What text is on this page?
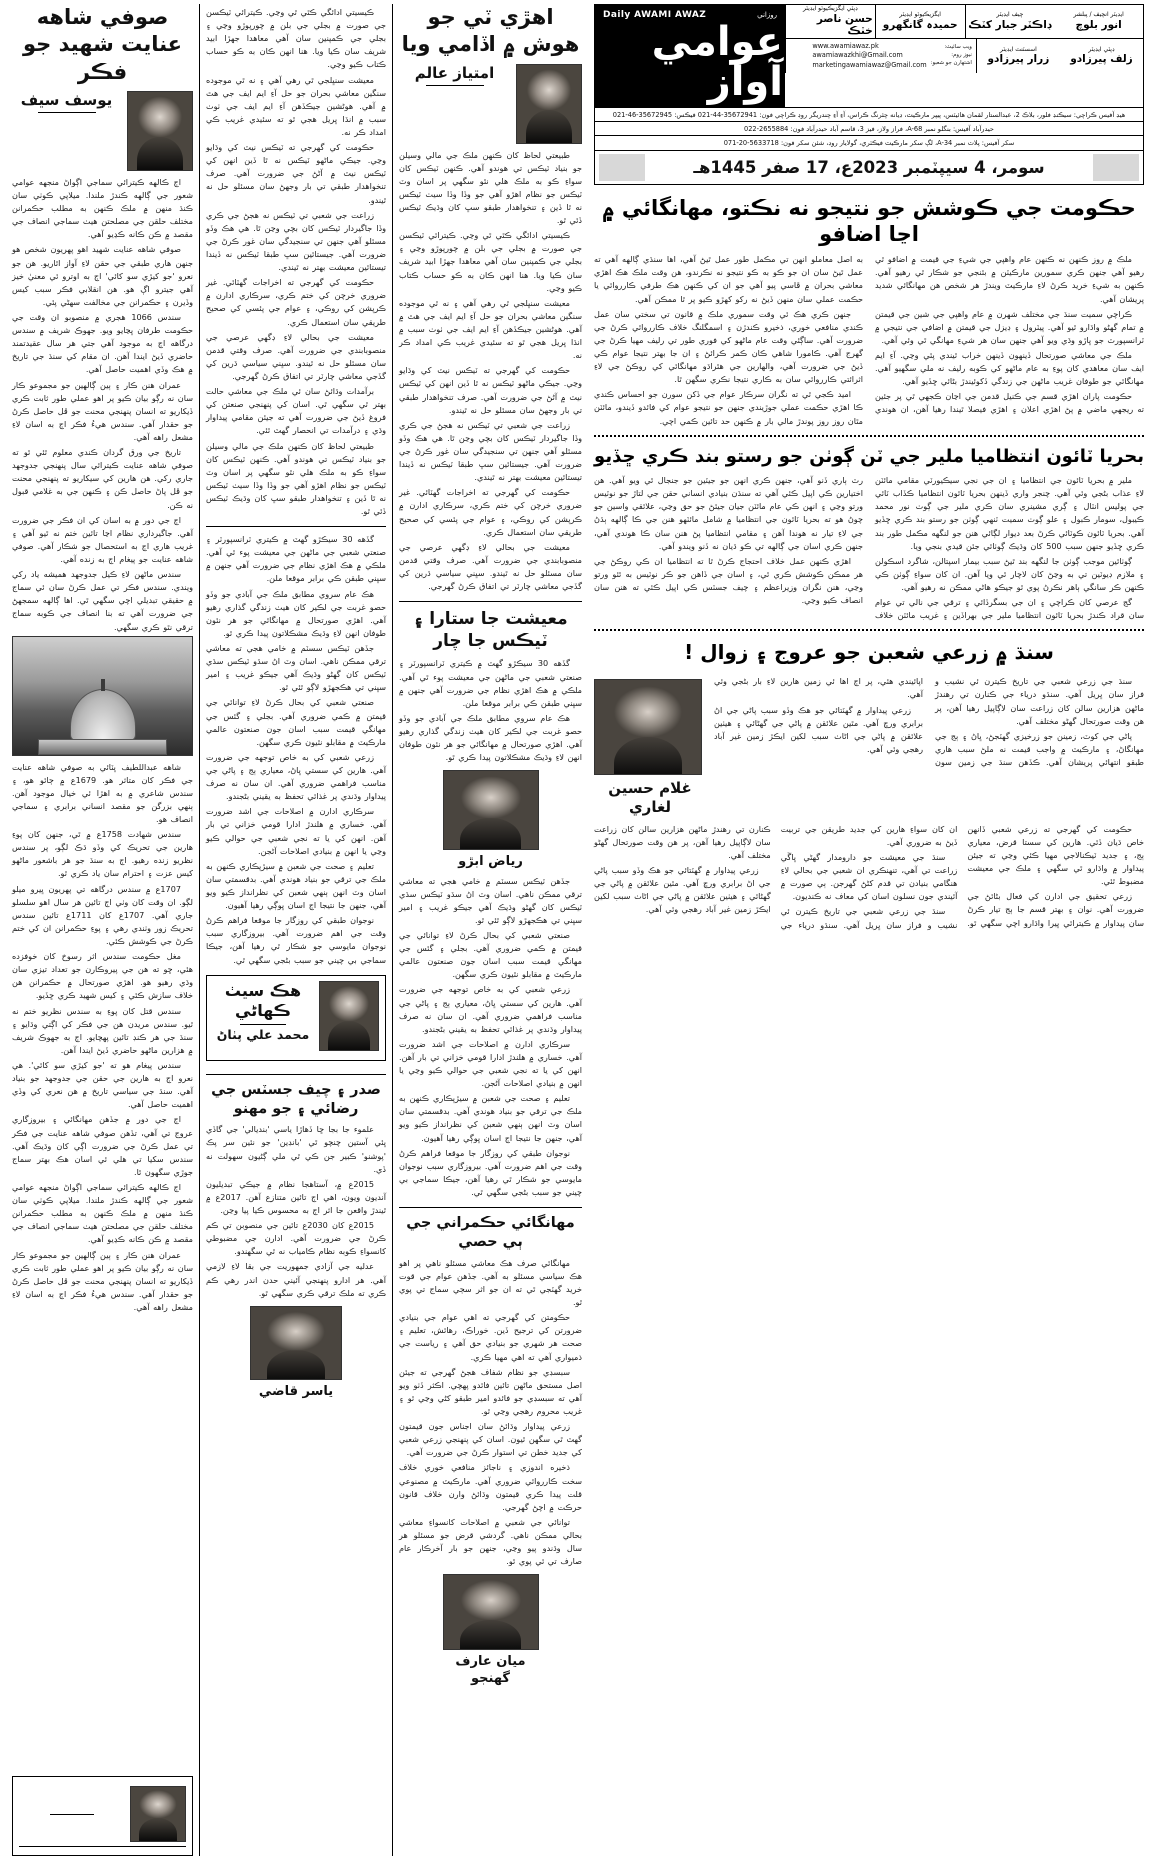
روزاني
Daily AWAMI AWAZ
عوامي آواز
ڊپٽي ايگزيڪيوٽو ايڊيٽر
حسن ناصر خٽڪ
ايگزيڪيوٽو ايڊيٽر
حميدہ گانگهرو
چيف ايڊيٽر
ڊاڪٽر جبار کٽڪ
ايڊيٽر انچيف / پبلشر
انور بلوچ
ويب سائيٽ:
نيوز روم:
اشتهارن جو شعبو:
www.awamiawaz.pk
awamiawazkhi@Gmail.com
marketingawamiawaz@Gmail.com
اسسٽنٽ ايڊيٽر
زرار پيرزادو
ڊپٽي ايڊيٽر
زلف پيرزادو
هيڊ آفيس ڪراچي: سيڪنڊ فلور، بلاڪ 2، عبدالستار لقمان هائيٽس، پيپر مارڪيٽ، ڊيانه چئرنگ ڪراس، آءِ آءِ چندريگر روڊ ڪراچي فون: 35672941-44-021 فيڪس: 35672945-46-021
حيدرآباد آفيس: بنگلو نمبر A-68، فراز ولاز، فيز 3، قاسم آباد حيدرآباد فون: 2655884-022
سکر آفيس: پلاٽ نمبر A-34، لڳ سکر مارڪيٽ فيڪٽري، گولايار روڊ، شئن سکر فون: 5633718-20-071
سومر، 4 سيپٽمبر 2023ع، 17 صفر 1445هـ
حڪومت جي ڪوشش جو نتيجو نه نڪتو، مهانگائي ۾ اڃا اضافو

ملڪ ۾ روز ڪنهن نه ڪنهن عام واهپي جي شيءِ جي قيمت ۾ اضافو ٿي رهيو آهي جنهن ڪري سمورين مارڪيٽن ۾ بئنجي جو شڪار ٿي رهيو آهي. ڪنهن به شيءِ خريد ڪرڻ لاءِ مارڪيٽ ويندڙ هر شخص هن مهانگائي شديد پريشان آهي.

ڪراچي سميت سنڌ جي مختلف شهرن ۾ عام واهپي جي شين جي قيمتن ۾ تمام گهڻو واڌارو ٿيو آهي. پيٽرول ۽ ڊيزل جي قيمتن ۾ اضافي جي نتيجي ۾ ٽرانسپورٽ جو ڀاڙو وڌي ويو آهي جنهن سان هر شيءِ مهانگي ٿي وئي آهي.

ملڪ جي معاشي صورتحال ڏينهون ڏينهن خراب ٿيندي پئي وڃي. آءِ ايم ايف سان معاهدي کان پوءِ به عام ماڻهو کي ڪوبه رليف نه ملي سگهيو آهي. مهانگائي جو طوفان غريب ماڻهن جي زندگي ڏکوئيندڙ بڻائي ڇڏيو آهي.

حڪومت پاران اهڙي قسم جي ڪنيل قدمن جي اڃان ڪجهي ٿي پر جئين ته ريجهي ماضي ۾ پڻ اهڙي اعلان ۽ اهڙي فيصلا ٿيندا رهيا آهن، ان هوندي به اصل معاملو انهن تي مڪمل طور عمل ٿيڻ آهي، اها سنڌي ڳالهه آهي ته عمل ٿيڻ سان ان جو ڪو به ڪو نتيجو نه نڪرندو، هن وقت ملڪ هڪ اهڙي معاشي بحران ۾ ڦاسي پيو آهي جو ان کي ڪنهن هڪ طرفي ڪارروائي يا حڪمت عملي سان منهن ڏيڻ نه رکو کهڙو ڪيو پر ٿا ممڪن آهي.

جنهن ڪري هڪ ئي وقت سموري ملڪ ۾ قانون تي سختي سان عمل ڪندي منافعي خوري، ذخيرو ڪندڙن ۽ اسمگلنگ خلاف ڪارروائي ڪرڻ جي ضرورت آهي. ساڳئي وقت عام ماڻهو کي فوري طور تي رليف مهيا ڪرڻ جي گهرج آهي. ڪامورا شاهي ڪان ڪمر ڪرائڻ ۽ ان جا بهتر نتيجا عوام ڪي ڏيڻ جي ضرورت آهي، والهارين جي هٿراڌو مهانگائي کي روڪڻ جي لاءِ اثرائتي ڪارروائي سان به ڪاري نتيجا نڪري سگهن ٿا.

اميد ڪجي ٿي ته نگران سرڪار عوام جي ڏکن سورن جو احساس ڪندي ڪا اهڙي حڪمت عملي جوڙيندي جنهن جو نتيجو عوام کي فائدو ڏيندو، مائٽن مٿان روز روز پوندڙ مالي بار ۾ ڪنهن حد تائين ڪمي اچي.

بحريا ٽائون انتظاميا ملير جي ٽن ڳوٺن جو رستو بند ڪري ڇڏيو

ملير ۾ بحريا ٽائون جي انتظاميا ۽ ان جي نجي سيڪيورٽي مقامي مائٽن لاءِ عذاب بڻجي وئي آهي. چنجر واري ڏينهن بحريا ٽائون انتظاميا ڪڏاب ٽائي جي پوليس انٽال ۽ ڳري مشينري سان ڪري ملير جي ڳوٺ نور محمد ڪيبول، سومار ڪبول ۽ علو ڳوٺ سميت ٽنهي ڳوٺن جو رستو بند ڪري ڇڏيو آهي. بحريا ٽائون ڪوٽائي ڪرڻ بعد ديوار لڳائي هنن جو لنگهه مڪمل طور بند ڪري ڇڏيو جنهن سبب 500 کان وڌيڪ ڳوٺائي جئن قيدي بنجي ويا.

ڳوٺائين موجب ڳوٺن جا لنگهه بند ٿيڻ سبب بيمار اسپتالن، شاگرد اسڪولن ۽ ملازم ڊيوٽين تي به وڃڻ کان لاچار ٿي ويا آهن. ان کان سواءِ ڳوٺن ڪي ڪنهن ڪر سانگي ٻاهر نڪرڻ پوي ٿو جيڪو هاڻي ممڪن نه رهيو آهي.

گج عرصي کان ڪراچي ۽ ان جي بسگرڏائي ۽ ترقي جي نالي تي عوام سان قراد ڪندڙ بحريا ٽائون انتظاميا ملير جي بهراڏين ۽ غريب مائٽن خلاف رٽ ٻاري ڏنو آهي، جنهن ڪري انهن جو جيٽين جو جنجال ٿي ويو آهي. هن اختيارين ڪي اپيل ڪئي آهي ته سنڌن بنيادي انساني حقن جي لتاڙ جو نوٽيس ورتو وڃي ۽ انهن ڪي عام مائٽن جيان جيئڻ جو حق وڃي، علائقي واسين جو چوڻ هو ته بحريا ٽائون جي انتظاميا ۾ شامل مائٽهو هنن جي ڪا ڳالهه ٻڌڻ جي لاءِ تيار نه هوندا آهن ۽ مقامي انتظاميا پڻ هنن سان ڪا هوندي آهي، جنهن ڪري اسان جي ڳالهه تي ڪو ڌيان نه ڏنو ويندو آهي.

اهڙي ڪنهن عمل خلاف احتجاج ڪرڻ ٿا ته انتظاميا ان ڪي روڪڻ جي هر ممڪن ڪوشش ڪري ٿي، ۽ اسان جي ڏاهن جو ڪر نوٽيس به ٿئو ورتو وڃي، هنن نگران وزيراعظم ۽ چيف جسٽس ڪي اپيل ڪئي ته هنن سان انصاف ڪيو وڃي.

سنڌ ۾ زرعي شعبن جو عروج ۽ زوال !

سنڌ جي زرعي شعبي جي تاريخ ڪيترن ئي نشيب و فراز سان ڀريل آهي. سنڌو درياء جي ڪنارن تي رهندڙ ماڻهن هزارين سالن کان زراعت سان لاڳاپيل رهيا آهن، پر هن وقت صورتحال گهڻو مختلف آهي.

پاڻي جي کوٽ، زمينن جو زرخيزي گهٽجڻ، ڀاڻ ۽ ٻج جي مهانگاڻ، ۽ مارڪيٽ ۾ واجب قيمت نه ملڻ سبب هاري طبقو انتهائي پريشان آهي. ڪڏهن سنڌ جي زمين سون اپائيندي هئي، پر اڄ اها ئي زمين هارين لاءِ بار بڻجي وئي آهي.

زرعي پيداوار ۾ گهٽتائي جو هڪ وڏو سبب پاڻي جي اڻ برابري ورڇ آهي. مٿين علائقن ۾ پاڻي جي گهڻائي ۽ هيٺين علائقن ۾ پاڻي جي اڻاٺ سبب لکين ايڪڙ زمين غير آباد رهجي وئي آهي.

غلام حسين لغاري

حڪومت کي گهرجي ته زرعي شعبي ڏانهن خاص ڌيان ڏئي. هارين کي سستا قرض، معياري ٻج، ۽ جديد ٽيڪنالاجي مهيا ڪئي وڃي ته جيئن پيداوار ۾ واڌارو ٿي سگهي ۽ ملڪ جي معيشت مضبوط ٿئي.

زرعي تحقيق جي ادارن کي فعال بڻائڻ جي ضرورت آهي. نوان ۽ بهتر قسم جا ٻج تيار ڪرڻ سان پيداوار ۾ ڪيترائي ڀيرا واڌارو اچي سگهي ٿو. ان کان سواءِ هارين کي جديد طريقن جي تربيت ڏيڻ به ضروري آهي.

سنڌ جي معيشت جو دارومدار گهڻي ڀاڱي زراعت تي آهي، تنهنڪري ان شعبي جي بحالي لاءِ هنگامي بنيادن تي قدم کڻڻ گهرجن. ٻي صورت ۾ آئيندي جون نسلون اسان کي معاف نه ڪنديون.

سنڌ جي زرعي شعبي جي تاريخ ڪيترن ئي نشيب و فراز سان ڀريل آهي. سنڌو درياء جي ڪنارن تي رهندڙ ماڻهن هزارين سالن کان زراعت سان لاڳاپيل رهيا آهن، پر هن وقت صورتحال گهڻو مختلف آهي.

زرعي پيداوار ۾ گهٽتائي جو هڪ وڏو سبب پاڻي جي اڻ برابري ورڇ آهي. مٿين علائقن ۾ پاڻي جي گهڻائي ۽ هيٺين علائقن ۾ پاڻي جي اڻاٺ سبب لکين ايڪڙ زمين غير آباد رهجي وئي آهي.

اهڙي ٽي جو هوش ۾ اڏامي ويا
امتياز عالم

طبيعتي لحاظ کان ڪنهن ملڪ جي مالي وسيلن جو بنياد ٽيڪس تي هوندو آهي. ڪنهن ٽيڪس کان سواءِ ڪو به ملڪ هلي نٿو سگهي پر اسان وٽ ٽيڪس جو نظام اهڙو آهي جو وڏا وڏا سيٺ ٽيڪس نه ٿا ڏين ۽ تنخواهدار طبقو سڀ کان وڌيڪ ٽيڪس ڏئي ٿو.

ڪيسيتي ادائگي ڪٿي ٿي وڃي. ڪيترائي ٽيڪسن جي صورت ۾ بجلي جي بلن ۾ چورپوڙو وڃي ۽ بجلي جي ڪمپنين سان آهي معاهدا جهڙا ابيد شريف سان ڪيا ويا. هنا انهن ڪان به ڪو حساب ڪتاب ڪيو وڃي.

معيشت سنڀلجي ٿي رهي آهي ۽ نه ٿي موجوده سنگين معاشي بحران جو حل آءِ ايم ايف جي هٿ ۾ آهي. هوڻشين جيڪڏهن آءِ ايم ايف جي ٺوٺ سبب ۾ انڌا ڀريل هجي ٿو ته سئيدي غريب ڪي امداد ڪر نه.

حڪومت کي گهرجي ته ٽيڪس نيٽ کي وڌايو وڃي. جيڪي ماڻهو ٽيڪس نه ٿا ڏين انهن کي ٽيڪس نيٽ ۾ آڻڻ جي ضرورت آهي. صرف تنخواهدار طبقي تي بار وجهڻ سان مسئلو حل نه ٿيندو.

زراعت جي شعبي تي ٽيڪس نه هجڻ جي ڪري وڏا جاگيردار ٽيڪس کان بچي وڃن ٿا. هي هڪ وڏو مسئلو آهي جنهن تي سنجيدگي سان غور ڪرڻ جي ضرورت آهي. جيستائين سڀ طبقا ٽيڪس نه ڏيندا تيستائين معيشت بهتر نه ٿيندي.

حڪومت کي گهرجي ته اخراجات گهٽائي. غير ضروري خرچن کي ختم ڪري، سرڪاري ادارن ۾ ڪرپشن کي روڪي، ۽ عوام جي پئسي کي صحيح طريقي سان استعمال ڪري.

معيشت جي بحالي لاءِ ڊگهي عرصي جي منصوبابندي جي ضرورت آهي. صرف وقتي قدمن سان مسئلو حل نه ٿيندو. سڀني سياسي ڌرين کي گڏجي معاشي چارٽر تي اتفاق ڪرڻ گهرجي.

معيشت جا ستارا ۽ ٽيڪس جا چار

گڏهه 30 سيڪڙو گهٽ ۾ ڪيتري ٽرانسپورٽر ۽ صنعتي شعبي جي ماڻهن جي معيشت پوء ٿي آهي. ملڪي ۾ هڪ اهڙي نظام جي ضرورت آهي جنهن ۾ سڀني طبقن ڪي برابر موقعا ملن.

هڪ عام سروي مطابق ملڪ جي آبادي جو وڏو حصو غربت جي لڪير کان هيٺ زندگي گذاري رهيو آهي. اهڙي صورتحال ۾ مهانگائي جو هر نئون طوفان انهن لاءِ وڌيڪ مشڪلاتون پيدا ڪري ٿو.

رياض ابڙو

جڏهن ٽيڪس سسٽم ۾ خامي هجي ته معاشي ترقي ممڪن ناهي. اسان وٽ اڻ سڌو ٽيڪس سڌي ٽيڪس کان گهڻو وڌيڪ آهي جيڪو غريب ۽ امير سڀني تي هڪجهڙو لاڳو ٿئي ٿو.

صنعتي شعبي کي بحال ڪرڻ لاءِ توانائي جي قيمتن ۾ ڪمي ضروري آهي. بجلي ۽ گئس جي مهانگي قيمت سبب اسان جون صنعتون عالمي مارڪيٽ ۾ مقابلو نٿيون ڪري سگهن.

زرعي شعبي کي به خاص توجهه جي ضرورت آهي. هارين کي سستي ڀاڻ، معياري ٻج ۽ پاڻي جي مناسب فراهمي ضروري آهي. ان سان نه صرف پيداوار وڌندي پر غذائي تحفظ به يقيني بڻجندو.

سرڪاري ادارن ۾ اصلاحات جي اشد ضرورت آهي. خساري ۾ هلندڙ ادارا قومي خزاني تي بار آهن. انهن کي يا ته نجي شعبي جي حوالي ڪيو وڃي يا انهن ۾ بنيادي اصلاحات آڻجن.

تعليم ۽ صحت جي شعبن ۾ سيڙپڪاري ڪنهن به ملڪ جي ترقي جو بنياد هوندي آهي. بدقسمتي سان اسان وٽ انهن ٻنهي شعبن کي نظرانداز ڪيو ويو آهي، جنهن جا نتيجا اڄ اسان ڀوڳي رهيا آهيون.

نوجوان طبقي کي روزگار جا موقعا فراهم ڪرڻ وقت جي اهم ضرورت آهي. بيروزگاري سبب نوجوان مايوسي جو شڪار ٿي رهيا آهن، جيڪا سماجي بي چيني جو سبب بڻجي سگهي ٿي.

مهانگائي حڪمراني جي ٻي حصي

مهانگائي صرف هڪ معاشي مسئلو ناهي پر اهو هڪ سياسي مسئلو به آهي. جڏهن عوام جي قوت خريد گهٽجي ٿي ته ان جو اثر سڄي سماج تي پوي ٿو.

حڪومتن کي گهرجي ته اهي عوام جي بنيادي ضرورتن کي ترجيح ڏين. خوراڪ، رهائش، تعليم ۽ صحت هر شهري جو بنيادي حق آهي ۽ رياست جي ذميواري آهي ته اهي مهيا ڪري.

سبسڊي جو نظام شفاف هجڻ گهرجي ته جيئن اصل مستحق ماڻهن تائين فائدو پهچي. اڪثر ڏٺو ويو آهي ته سبسڊي جو فائدو امير طبقو کڻي وڃي ٿو ۽ غريب محروم رهجي وڃي ٿو.

زرعي پيداوار وڌائڻ سان اجناس جون قيمتون گهٽ ٿي سگهن ٿيون. اسان کي پنهنجي زرعي شعبي کي جديد خطن تي استوار ڪرڻ جي ضرورت آهي.

ذخيره اندوزي ۽ ناجائز منافعي خوري خلاف سخت ڪارروائي ضروري آهي. مارڪيٽ ۾ مصنوعي قلت پيدا ڪري قيمتون وڌائڻ وارن خلاف قانون حرڪت ۾ اچڻ گهرجي.

توانائي جي شعبي ۾ اصلاحات کانسواءِ معاشي بحالي ممڪن ناهي. گردشي قرض جو مسئلو هر سال وڌندو پيو وڃي، جنهن جو بار آخرڪار عام صارف تي ئي پوي ٿو.

ميان عارف گهنجو

ڪيسيتي ادائگي ڪٿي ٿي وڃي. ڪيترائي ٽيڪسن جي صورت ۾ بجلي جي بلن ۾ چورپوڙو وڃي ۽ بجلي جي ڪمپنين سان آهي معاهدا جهڙا ابيد شريف سان ڪيا ويا. هنا انهن ڪان به ڪو حساب ڪتاب ڪيو وڃي.

معيشت سنڀلجي ٿي رهي آهي ۽ نه ٿي موجوده سنگين معاشي بحران جو حل آءِ ايم ايف جي هٿ ۾ آهي. هوڻشين جيڪڏهن آءِ ايم ايف جي ٺوٺ سبب ۾ انڌا ڀريل هجي ٿو ته سئيدي غريب ڪي امداد ڪر نه.

حڪومت کي گهرجي ته ٽيڪس نيٽ کي وڌايو وڃي. جيڪي ماڻهو ٽيڪس نه ٿا ڏين انهن کي ٽيڪس نيٽ ۾ آڻڻ جي ضرورت آهي. صرف تنخواهدار طبقي تي بار وجهڻ سان مسئلو حل نه ٿيندو.

زراعت جي شعبي تي ٽيڪس نه هجڻ جي ڪري وڏا جاگيردار ٽيڪس کان بچي وڃن ٿا. هي هڪ وڏو مسئلو آهي جنهن تي سنجيدگي سان غور ڪرڻ جي ضرورت آهي. جيستائين سڀ طبقا ٽيڪس نه ڏيندا تيستائين معيشت بهتر نه ٿيندي.

حڪومت کي گهرجي ته اخراجات گهٽائي. غير ضروري خرچن کي ختم ڪري، سرڪاري ادارن ۾ ڪرپشن کي روڪي، ۽ عوام جي پئسي کي صحيح طريقي سان استعمال ڪري.

معيشت جي بحالي لاءِ ڊگهي عرصي جي منصوبابندي جي ضرورت آهي. صرف وقتي قدمن سان مسئلو حل نه ٿيندو. سڀني سياسي ڌرين کي گڏجي معاشي چارٽر تي اتفاق ڪرڻ گهرجي.

برآمدات وڌائڻ سان ئي ملڪ جي معاشي حالت بهتر ٿي سگهي ٿي. اسان کي پنهنجي صنعتن کي فروغ ڏيڻ جي ضرورت آهي ته جيئن مقامي پيداوار وڌي ۽ درآمدات تي انحصار گهٽ ٿئي.

طبيعتي لحاظ کان ڪنهن ملڪ جي مالي وسيلن جو بنياد ٽيڪس تي هوندو آهي. ڪنهن ٽيڪس کان سواءِ ڪو به ملڪ هلي نٿو سگهي پر اسان وٽ ٽيڪس جو نظام اهڙو آهي جو وڏا وڏا سيٺ ٽيڪس نه ٿا ڏين ۽ تنخواهدار طبقو سڀ کان وڌيڪ ٽيڪس ڏئي ٿو.

گڏهه 30 سيڪڙو گهٽ ۾ ڪيتري ٽرانسپورٽر ۽ صنعتي شعبي جي ماڻهن جي معيشت پوء ٿي آهي. ملڪي ۾ هڪ اهڙي نظام جي ضرورت آهي جنهن ۾ سڀني طبقن ڪي برابر موقعا ملن.

هڪ عام سروي مطابق ملڪ جي آبادي جو وڏو حصو غربت جي لڪير کان هيٺ زندگي گذاري رهيو آهي. اهڙي صورتحال ۾ مهانگائي جو هر نئون طوفان انهن لاءِ وڌيڪ مشڪلاتون پيدا ڪري ٿو.

جڏهن ٽيڪس سسٽم ۾ خامي هجي ته معاشي ترقي ممڪن ناهي. اسان وٽ اڻ سڌو ٽيڪس سڌي ٽيڪس کان گهڻو وڌيڪ آهي جيڪو غريب ۽ امير سڀني تي هڪجهڙو لاڳو ٿئي ٿو.

صنعتي شعبي کي بحال ڪرڻ لاءِ توانائي جي قيمتن ۾ ڪمي ضروري آهي. بجلي ۽ گئس جي مهانگي قيمت سبب اسان جون صنعتون عالمي مارڪيٽ ۾ مقابلو نٿيون ڪري سگهن.

زرعي شعبي کي به خاص توجهه جي ضرورت آهي. هارين کي سستي ڀاڻ، معياري ٻج ۽ پاڻي جي مناسب فراهمي ضروري آهي. ان سان نه صرف پيداوار وڌندي پر غذائي تحفظ به يقيني بڻجندو.

سرڪاري ادارن ۾ اصلاحات جي اشد ضرورت آهي. خساري ۾ هلندڙ ادارا قومي خزاني تي بار آهن. انهن کي يا ته نجي شعبي جي حوالي ڪيو وڃي يا انهن ۾ بنيادي اصلاحات آڻجن.

تعليم ۽ صحت جي شعبن ۾ سيڙپڪاري ڪنهن به ملڪ جي ترقي جو بنياد هوندي آهي. بدقسمتي سان اسان وٽ انهن ٻنهي شعبن کي نظرانداز ڪيو ويو آهي، جنهن جا نتيجا اڄ اسان ڀوڳي رهيا آهيون.

نوجوان طبقي کي روزگار جا موقعا فراهم ڪرڻ وقت جي اهم ضرورت آهي. بيروزگاري سبب نوجوان مايوسي جو شڪار ٿي رهيا آهن، جيڪا سماجي بي چيني جو سبب بڻجي سگهي ٿي.

هڪ سيٺ ڪهاڻي
محمد علي پٺاڻ

صدر ۽ چيف جسٽس جي رضائي ۽ جو مهنو

علموء جا بجا ڇا ڏهاڙا ياسي 'بنديالي' جي گاڏي ڀئي آستين چنچو ٿي 'بانڊين' جو نئين سر پڪ 'پوشنو' ڪبير جن ڪي ٿي ملي ڳڻيون سهولت نه ڏي.

2015ع ۾، آستاهجا نظام ۾ جيڪي تبديليون آنديون ويون، اهي اڄ تائين متنازع آهن. 2017ع ۾ ٿيندڙ واقعن جا اثر اڄ به محسوس ڪيا پيا وڃن.

2015ع کان 2030ع تائين جي منصوبن تي ڪم ڪرڻ جي ضرورت آهي. ادارن جي مضبوطي کانسواءِ ڪوبه نظام ڪامياب نه ٿي سگهندو.

عدليه جي آزادي جمهوريت جي بقا لاءِ لازمي آهي. هر ادارو پنهنجي آئيني حدن اندر رهي ڪم ڪري ته ملڪ ترقي ڪري سگهي ٿو.

ياسر قاضي
صوفي شاهه عنايت شهيد جو فڪر
يوسف سيف

اڄ ڪالهه ڪيترائي سماجي اڳواڻ منجهه عوامي شعور جي ڳالهه ڪندڙ ملندا. ميلاپي ڪوٺي سان ڪنڌ منهن ۾ ملڪ ڪنهن به مطلب حڪمرانن مختلف حلقن جي مصلحتن هيٺ سماجي انصاف جي مقصد ۾ ڪن ڪانه ڪڍيو آهي.

صوفي شاهه عنايت شهيد اهو پهريون شخص هو جنهن هاري طبقي جي حقن لاءِ آواز اٿاريو. هن جو نعرو 'جو کيڙي سو کائي' اڄ به اوترو ئي معنيٰ خيز آهي جيترو اڳ هو. هن انقلابي فڪر سبب کيس وڏيرن ۽ حڪمرانن جي مخالفت سهڻي پئي.

سندس 1066 هجري ۾ منصوبو ان وقت جي حڪومت طرفان ڀڃايو ويو. جهوڪ شريف ۾ سندس درگاهه اڄ به موجود آهي جتي هر سال عقيدتمند حاضري ڏيڻ ايندا آهن. ان مقام کي سنڌ جي تاريخ ۾ هڪ وڏي اهميت حاصل آهي.

عمران هنن ڪار ۽ ٻين ڳالهين جو مجموعو ڪار سان نه رڳو بيان ڪيو پر اهو عملي طور ثابت ڪري ڏيکاريو ته انسان پنهنجي محنت جو ڦل حاصل ڪرڻ جو حقدار آهي. سندس هيءُ فڪر اڄ به اسان لاءِ مشعل راهه آهي.

تاريخ جي ورق گردان ڪندي معلوم ٿئي ٿو ته صوفي شاهه عنايت ڪيترائي سال پنهنجي جدوجهد جاري رکي. هن هارين کي سيکاريو ته پنهنجي محنت جو ڦل پاڻ حاصل ڪن ۽ ڪنهن جي به غلامي قبول نه ڪن.

اڄ جي دور ۾ به اسان کي ان فڪر جي ضرورت آهي. جاگيرداري نظام اڃا تائين ختم نه ٿيو آهي ۽ غريب هاري اڄ به استحصال جو شڪار آهي. صوفي شاهه عنايت جو پيغام اڄ به زنده آهي.

سندس ماڻهن لاءِ ڪيل جدوجهد هميشه ياد رکي ويندي. سندس فڪر تي عمل ڪرڻ سان ئي سماج ۾ حقيقي تبديلي اچي سگهي ٿي. اها ڳالهه سمجهڻ جي ضرورت آهي ته بنا انصاف جي ڪوبه سماج ترقي نٿو ڪري سگهي.

شاهه عبداللطيف ڀٽائي به صوفي شاهه عنايت جي فڪر کان متاثر هو. 1679ع ۾ ڄائو هو، ۽ سندس شاعري ۾ به اهڙا ئي خيال موجود آهن. ٻنهي بزرگن جو مقصد انساني برابري ۽ سماجي انصاف هو.

سندس شهادت 1758ع ۾ ٿي، جنهن کان پوءِ هارين جي تحريڪ کي وڏو ڌڪ لڳو، پر سندس نظريو زنده رهيو. اڄ به سنڌ جو هر باشعور ماڻهو کيس عزت ۽ احترام سان ياد ڪري ٿو.

1707ع ۾ سندس درگاهه تي پهريون ڀيرو ميلو لڳو. ان وقت کان وٺي اڄ تائين هر سال اهو سلسلو جاري آهي. 1707ع کان 1711ع تائين سندس تحريڪ زور وٺندي رهي ۽ پوءِ حڪمرانن ان کي ختم ڪرڻ جي ڪوشش ڪئي.

مغل حڪومت سندس اثر رسوخ کان خوفزده هئي، ڇو ته هن جي پيروڪارن جو تعداد تيزي سان وڌي رهيو هو. اهڙي صورتحال ۾ حڪمرانن هن خلاف سازش ڪئي ۽ کيس شهيد ڪري ڇڏيو.

سندس قتل کان پوءِ به سندس نظريو ختم نه ٿيو. سندس مريدن هن جي فڪر کي اڳتي وڌايو ۽ سنڌ جي هر ڪنڊ تائين پهچايو. اڄ به جهوڪ شريف ۾ هزارين ماڻهو حاضري ڏيڻ ايندا آهن.

سندس پيغام هو ته 'جو کيڙي سو کائي'. هي نعرو اڄ به هارين جي حقن جي جدوجهد جو بنياد آهي. سنڌ جي سياسي تاريخ ۾ هن نعري کي وڏي اهميت حاصل آهي.

اڄ جي دور ۾ جڏهن مهانگائي ۽ بيروزگاري عروج تي آهي، تڏهن صوفي شاهه عنايت جي فڪر تي عمل ڪرڻ جي ضرورت اڳي کان وڌيڪ آهي. سندس سکيا تي هلي ئي اسان هڪ بهتر سماج جوڙي سگهون ٿا.

اڄ ڪالهه ڪيترائي سماجي اڳواڻ منجهه عوامي شعور جي ڳالهه ڪندڙ ملندا. ميلاپي ڪوٺي سان ڪنڌ منهن ۾ ملڪ ڪنهن به مطلب حڪمرانن مختلف حلقن جي مصلحتن هيٺ سماجي انصاف جي مقصد ۾ ڪن ڪانه ڪڍيو آهي.

عمران هنن ڪار ۽ ٻين ڳالهين جو مجموعو ڪار سان نه رڳو بيان ڪيو پر اهو عملي طور ثابت ڪري ڏيکاريو ته انسان پنهنجي محنت جو ڦل حاصل ڪرڻ جو حقدار آهي. سندس هيءُ فڪر اڄ به اسان لاءِ مشعل راهه آهي.
